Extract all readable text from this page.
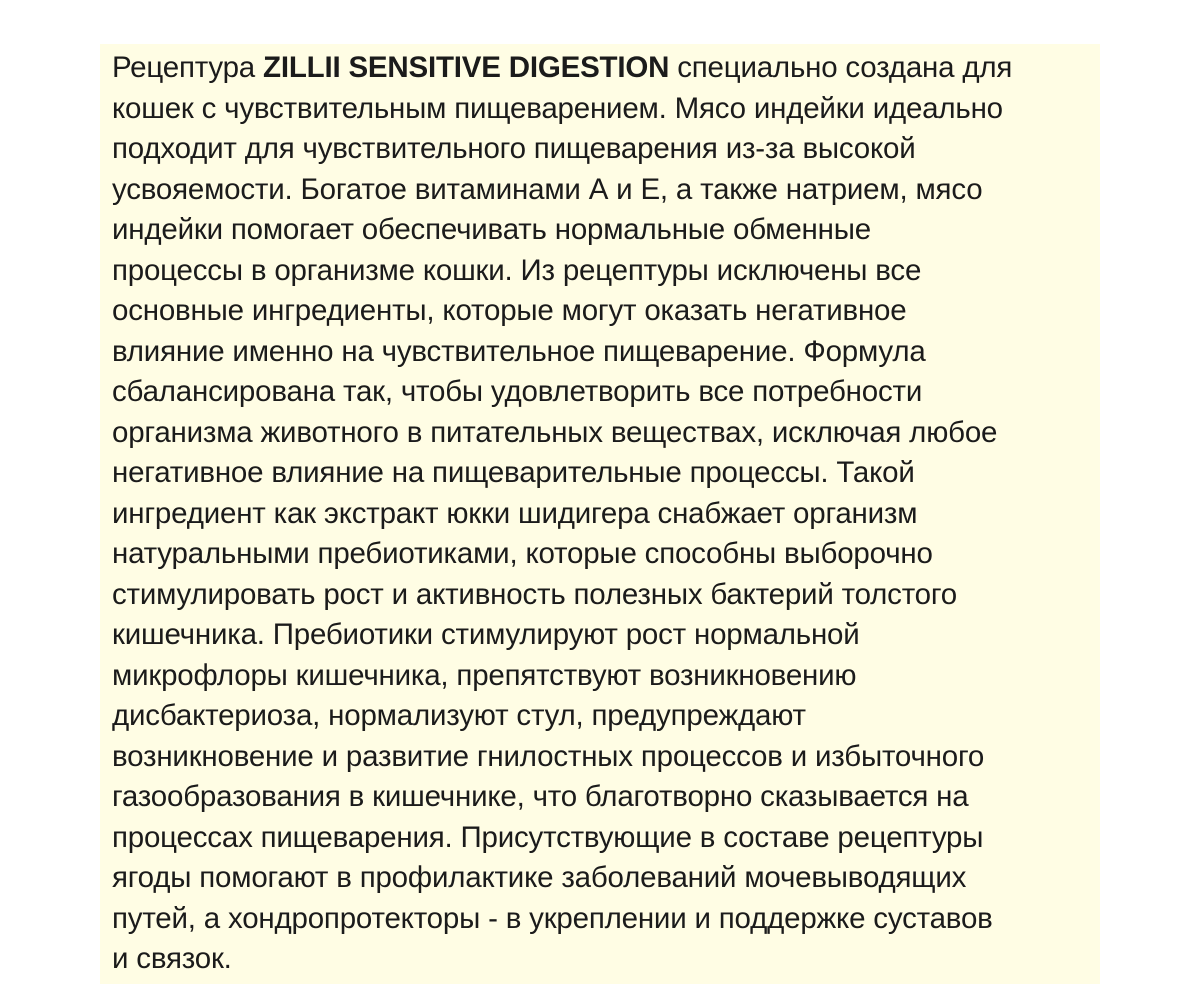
Рецептура ZILLII SENSITIVE DIGESTION специально создана для
кошек с чувствительным пищеварением. Мясо индейки идеально
подходит для чувствительного пищеварения из-за высокой
усвояемости. Богатое витаминами А и Е, а также натрием, мясо
индейки помогает обеспечивать нормальные обменные
процессы в организме кошки. Из рецептуры исключены все
основные ингредиенты, которые могут оказать негативное
влияние именно на чувствительное пищеварение. Формула
сбалансирована так, чтобы удовлетворить все потребности
организма животного в питательных веществах, исключая любое
негативное влияние на пищеварительные процессы. Такой
ингредиент как экстракт юкки шидигера снабжает организм
натуральными пребиотиками, которые способны выборочно
стимулировать рост и активность полезных бактерий толстого
кишечника. Пребиотики стимулируют рост нормальной
микрофлоры кишечника, препятствуют возникновению
дисбактериоза, нормализуют стул, предупреждают
возникновение и развитие гнилостных процессов и избыточного
газообразования в кишечнике, что благотворно сказывается на
процессах пищеварения. Присутствующие в составе рецептуры
ягоды помогают в профилактике заболеваний мочевыводящих
путей, а хондропротекторы - в укреплении и поддержке суставов
и связок.
